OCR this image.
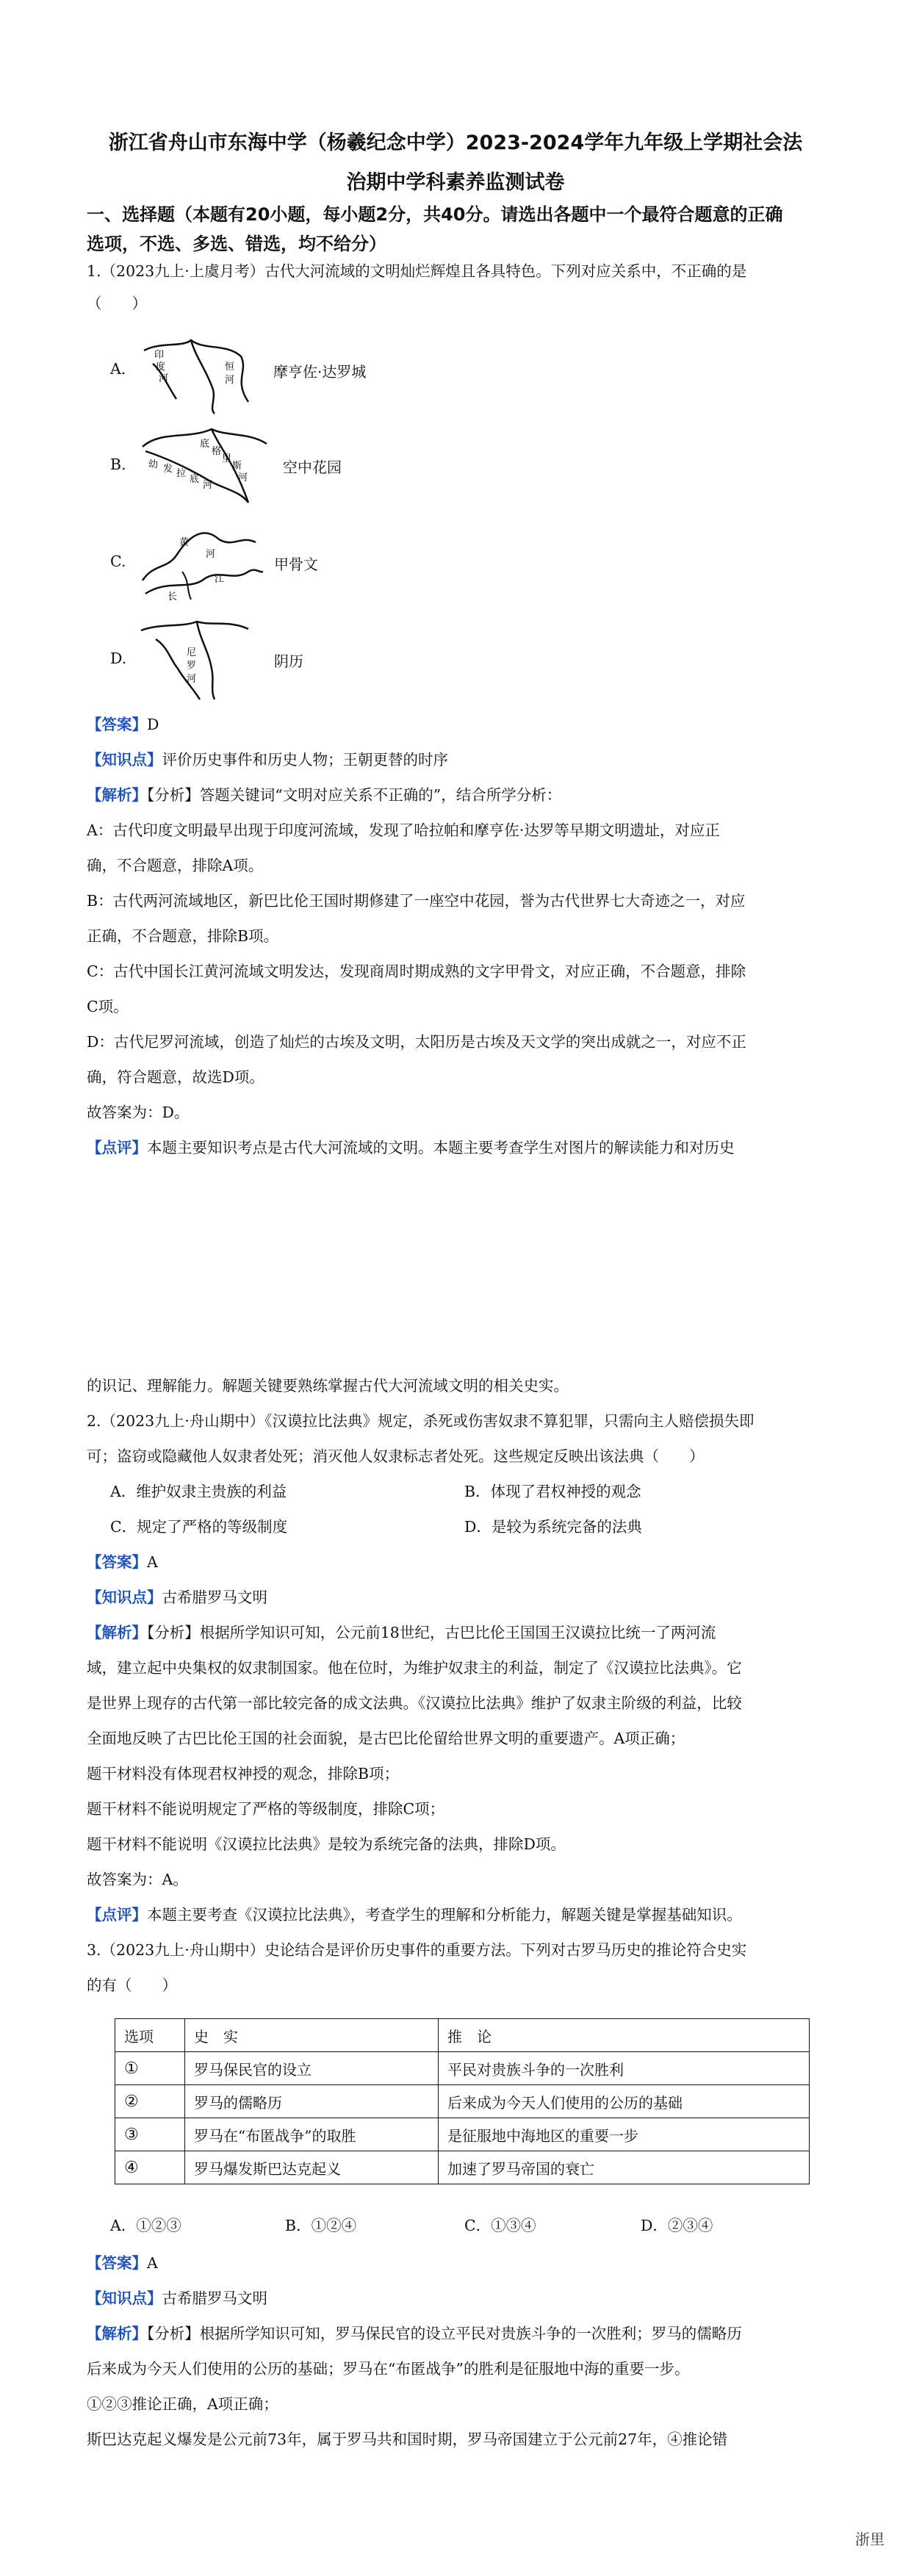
浙江省舟山市东海中学（杨羲纪念中学）2023-2024学年九年级上学期社会法
治期中学科素养监测试卷
一、选择题（本题有20小题，每小题2分，共40分。请选出各题中一个最符合题意的正确
选项，不选、多选、错选，均不给分）
1.（2023九上·上虞月考）古代大河流域的文明灿烂辉煌且各具特色。下列对应关系中，不正确的是
（　　）
A.
印
度
河
恒
河	摩亨佐·达罗城
B. 幼 发 拉
底
河
底
格
里
斯
河
空中花园
C.
黄
河
长
江
甲骨文
D.	尼
罗
河
阴历
【答案】D
【知识点】评价历史事件和历史人物；王朝更替的时序
【解析】【分析】答题关键词“文明对应关系不正确的”，结合所学分析：
A：古代印度文明最早出现于印度河流域，发现了哈拉帕和摩亨佐·达罗等早期文明遗址，对应正
确，不合题意，排除A项。
B：古代两河流域地区，新巴比伦王国时期修建了一座空中花园，誉为古代世界七大奇迹之一，对应
正确，不合题意，排除B项。
C：古代中国长江黄河流域文明发达，发现商周时期成熟的文字甲骨文，对应正确，不合题意，排除
C项。
D：古代尼罗河流域，创造了灿烂的古埃及文明，太阳历是古埃及天文学的突出成就之一，对应不正
确，符合题意，故选D项。
故答案为：D。
【点评】本题主要知识考点是古代大河流域的文明。本题主要考查学生对图片的解读能力和对历史
的识记、理解能力。解题关键要熟练掌握古代大河流域文明的相关史实。
2.（2023九上·舟山期中）《汉谟拉比法典》规定，杀死或伤害奴隶不算犯罪，只需向主人赔偿损失即
可；盗窃或隐藏他人奴隶者处死；消灭他人奴隶标志者处死。这些规定反映出该法典（　　）
A．维护奴隶主贵族的利益	B．体现了君权神授的观念
C．规定了严格的等级制度	D．是较为系统完备的法典
【答案】A
【知识点】古希腊罗马文明
【解析】【分析】根据所学知识可知，公元前18世纪，古巴比伦王国国王汉谟拉比统一了两河流
域，建立起中央集权的奴隶制国家。他在位时，为维护奴隶主的利益，制定了《汉谟拉比法典》。它
是世界上现存的古代第一部比较完备的成文法典。《汉谟拉比法典》维护了奴隶主阶级的利益，比较
全面地反映了古巴比伦王国的社会面貌，是古巴比伦留给世界文明的重要遗产。A项正确；
题干材料没有体现君权神授的观念，排除B项；
题干材料不能说明规定了严格的等级制度，排除C项；
题干材料不能说明《汉谟拉比法典》是较为系统完备的法典，排除D项。
故答案为：A。
【点评】本题主要考查《汉谟拉比法典》，考查学生的理解和分析能力，解题关键是掌握基础知识。
3.（2023九上·舟山期中）史论结合是评价历史事件的重要方法。下列对古罗马历史的推论符合史实
的有（　　）
选项	史　实	推　论
①	罗马保民官的设立	平民对贵族斗争的一次胜利
②	罗马的儒略历	后来成为今天人们使用的公历的基础
③	罗马在“布匿战争”的取胜	是征服地中海地区的重要一步
④	罗马爆发斯巴达克起义	加速了罗马帝国的衰亡
A．①②③	B．①②④	C．①③④	D．②③④
【答案】A
【知识点】古希腊罗马文明
【解析】【分析】根据所学知识可知，罗马保民官的设立平民对贵族斗争的一次胜利；罗马的儒略历
后来成为今天人们使用的公历的基础；罗马在“布匿战争”的胜利是征服地中海的重要一步。
①②③推论正确，A项正确；
斯巴达克起义爆发是公元前73年，属于罗马共和国时期，罗马帝国建立于公元前27年，④推论错
浙里
